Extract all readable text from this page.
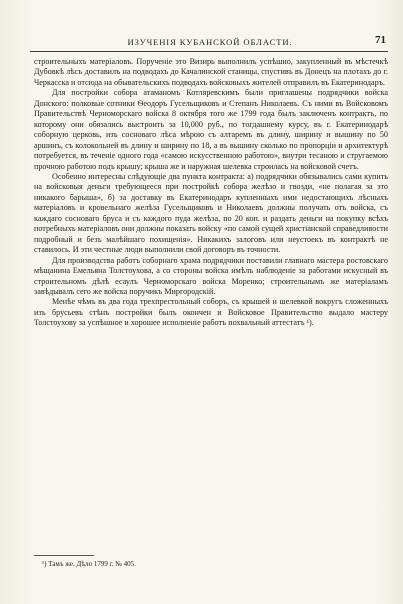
ИЗУЧЕНІЯ КУБАНСКОЙ ОБЛАСТИ.	71

строительныхъ матеріаловъ. Порученіе это Визирь выполнилъ успѣшно, закупленный въ мѣстечкѣ Дубовкѣ лѣсъ доставилъ на подводахъ до Качалинской станицы, спустивъ въ Донецъ на плотахъ до г. Черкасска и отсюда на обывательскихъ подводахъ войсковыхъ жителей отправилъ въ Екатеринодаръ.

Для постройки собора атаманомъ Котляревскимъ были приглашены подрядчики войска Донского: полковые сотники Ѳеодоръ Гусельщиковъ и Степанъ Николаевъ. Съ ними въ Войсковомъ Правительствѣ Черноморскаго войска 8 октября того же 1799 года былъ заключенъ контрактъ, по которому они обязались выстроить за 10,000 руб., по тогдашнему курсу, въ г. Екатеринодарѣ соборную церковь, изъ сосноваго лѣса мѣрою съ алтаремъ въ длину, ширину и вышину по 50 аршинъ, съ колокольней въ длину и ширину по 18, а въ вышину сколько по пропорціи и архитектурѣ потребуется, въ теченіе одного года «самою искусственною работою», внутри тесаною и стругаемою прочною работою подъ крышу; крыша же и наружная шелевка строилась на войсковой счетъ.

Особенно интересны слѣдующіе два пункта контракта: а) подрядчики обязывались сами купить на войсковыя деньги требующееся при постройкѣ собора желѣзо и гвозди, «не полагая за это никакого барыша», б) за доставку въ Екатеринодаръ купленныхъ ими недостающихъ лѣсныхъ матеріаловъ и кровельнаго желѣза Гусельщиковъ и Николаевъ должны получать отъ войска, съ каждаго сосноваго бруса и съ каждого пуда желѣза, по 20 коп. и раздать деньги на покупку всѣхъ потребныхъ матеріаловъ они должны показать войску «по самой сущей христіанской справедливости подробный и безъ малѣйшаго похищенія». Никакихъ залоговъ или неустоекъ въ контрактѣ не ставилось. И эти честные люди выполнили свой договоръ въ точности.

Для производства работъ соборнаго храма подрядчики поставили главнаго мастера ростовскаго мѣщанина Емельяна Толстоухова, а со стороны войска имѣлъ наблюденіе за работами искусный въ строительномъ дѣлѣ есаулъ Черноморскаго войска Моренко; строительнымъ же матеріаламъ завѣдывалъ сего же войска поручикъ Миргородскій.

Менѣе чѣмъ въ два года трехпрестольный соборъ, съ крышей и шелевкой вокругъ сложенныхъ изъ брусьевъ стѣнъ постройки былъ окончен и Войсковое Правительство выдало мастеру Толстоухову за успѣшное и хорошее исполненіе работъ похвальный аттестатъ ¹).

¹) Тамъ же. Дѣло 1799 г. № 405.
